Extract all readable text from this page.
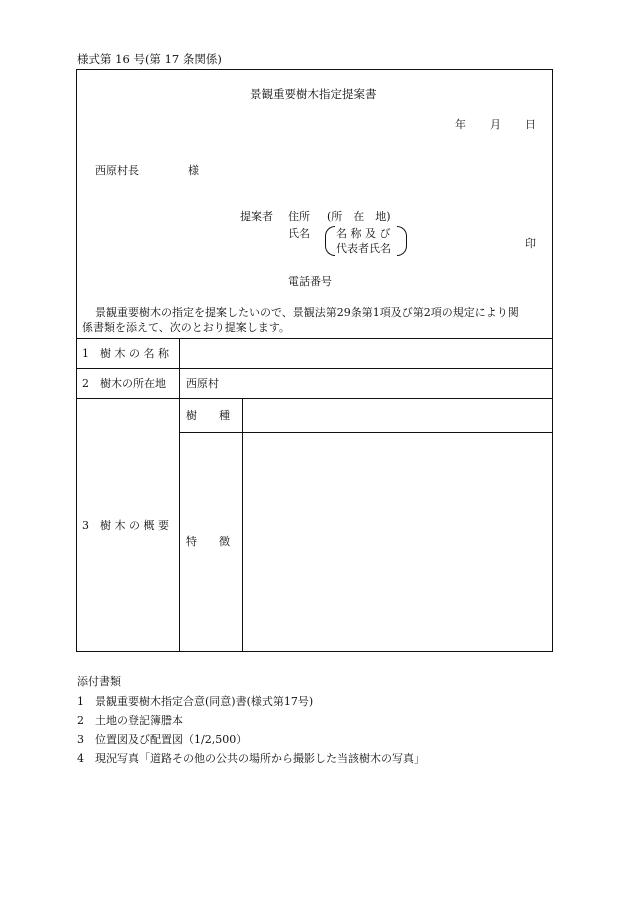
様式第 16 号(第 17 条関係)
景観重要樹木指定提案書
年 月 日
西原村長	様
提案者 住所 (所　在　地)
氏名 名 称 及 び
代表者氏名	印
電話番号
景観重要樹木の指定を提案したいので、景観法第29条第1項及び第2項の規定により関
係書類を添えて、次のとおり提案します。
1　樹 木 の 名 称
2　樹木の所在地 西原村
3　樹 木 の 概 要
樹　　種
特　　徴
添付書類
1　景観重要樹木指定合意(同意)書(様式第17号)
2　土地の登記簿謄本
3　位置図及び配置図（1/2,500）
4　現況写真「道路その他の公共の場所から撮影した当該樹木の写真」
